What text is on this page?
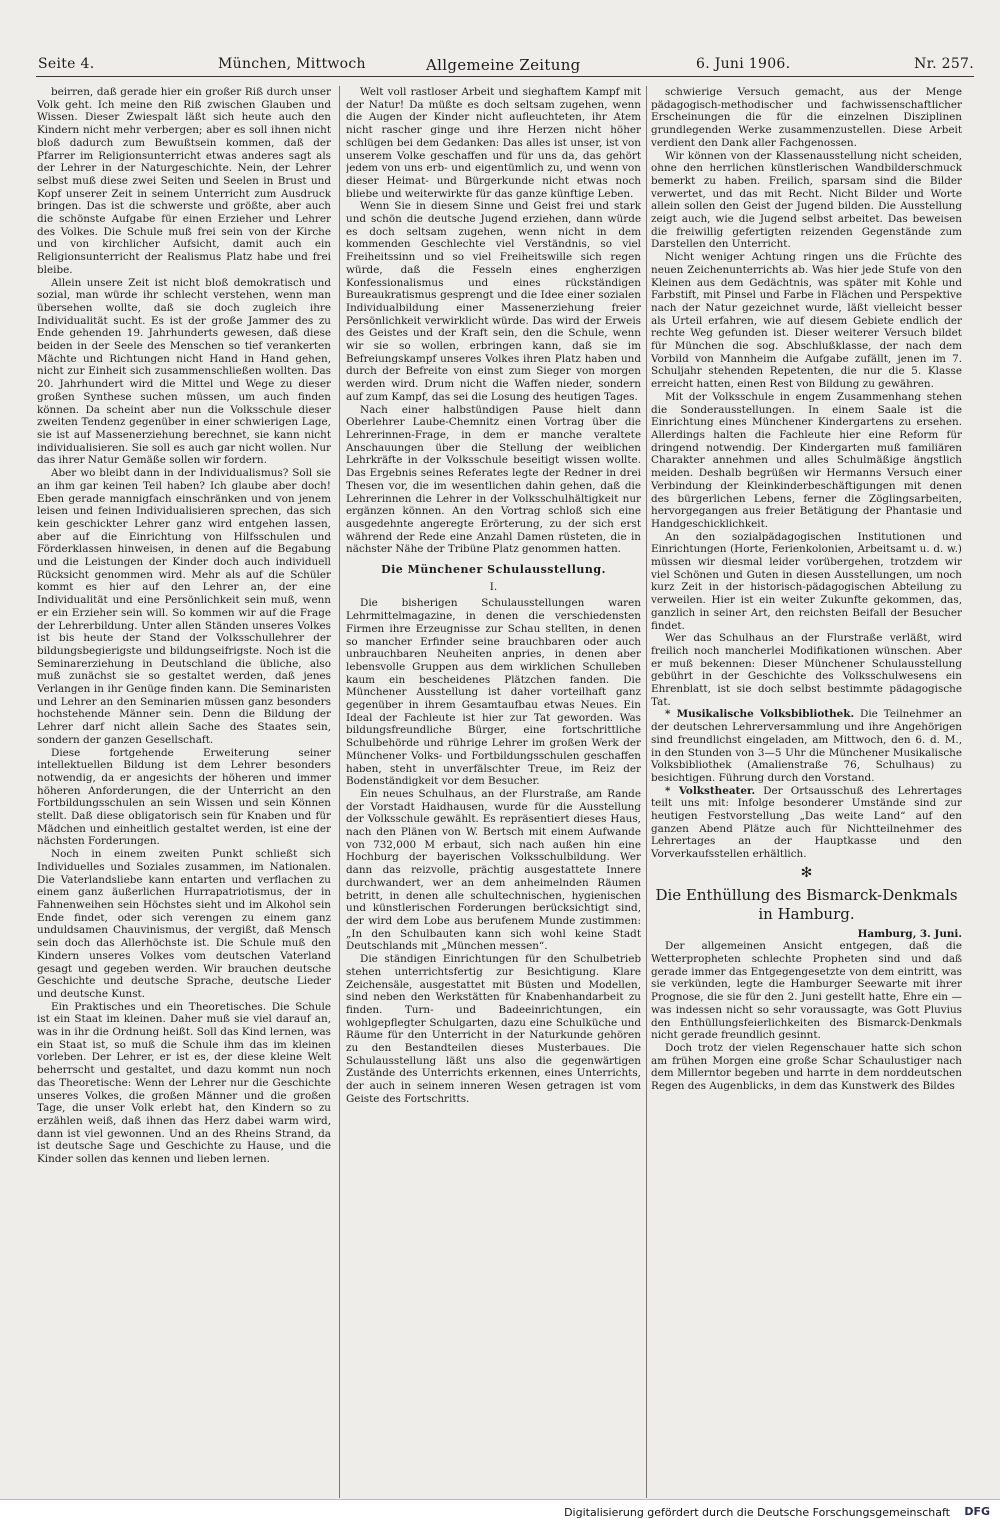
Seite 4.	München, Mittwoch	Allgemeine Zeitung	6. Juni 1906.	Nr. 257.

beirren, daß gerade hier ein großer Riß durch unser Volk geht. Ich meine den Riß zwischen Glauben und Wissen. Dieser Zwiespalt läßt sich heute auch den Kindern nicht mehr verbergen; aber es soll ihnen nicht bloß dadurch zum Bewußtsein kommen, daß der Pfarrer im Religionsunterricht etwas anderes sagt als der Lehrer in der Naturgeschichte. Nein, der Lehrer selbst muß diese zwei Seiten und Seelen in Brust und Kopf unserer Zeit in seinem Unterricht zum Ausdruck bringen. Das ist die schwerste und größte, aber auch die schönste Aufgabe für einen Erzieher und Lehrer des Volkes. Die Schule muß frei sein von der Kirche und von kirchlicher Aufsicht, damit auch ein Religionsunterricht der Realismus Platz habe und frei bleibe.

Allein unsere Zeit ist nicht bloß demokratisch und sozial, man würde ihr schlecht verstehen, wenn man übersehen wollte, daß sie doch zugleich ihre Individualität sucht. Es ist der große Jammer des zu Ende gehenden 19. Jahrhunderts gewesen, daß diese beiden in der Seele des Menschen so tief verankerten Mächte und Richtungen nicht Hand in Hand gehen, nicht zur Einheit sich zusammenschließen wollten. Das 20. Jahrhundert wird die Mittel und Wege zu dieser großen Synthese suchen müssen, um auch finden können. Da scheint aber nun die Volksschule dieser zweiten Tendenz gegenüber in einer schwierigen Lage, sie ist auf Massenerziehung berechnet, sie kann nicht individualisieren. Sie soll es auch gar nicht wollen. Nur das ihrer Natur Gemäße sollen wir fordern.

Aber wo bleibt dann in der Individualismus? Soll sie an ihm gar keinen Teil haben? Ich glaube aber doch! Eben gerade mannigfach einschränken und von jenem leisen und feinen Individualisieren sprechen, das sich kein geschickter Lehrer ganz wird entgehen lassen, aber auf die Einrichtung von Hilfsschulen und Förderklassen hinweisen, in denen auf die Begabung und die Leistungen der Kinder doch auch individuell Rücksicht genommen wird. Mehr als auf die Schüler kommt es hier auf den Lehrer an, der eine Individualität und eine Persönlichkeit sein muß, wenn er ein Erzieher sein will. So kommen wir auf die Frage der Lehrerbildung. Unter allen Ständen unseres Volkes ist bis heute der Stand der Volksschullehrer der bildungsbegierigste und bildungseifrigste. Noch ist die Seminarerziehung in Deutschland die übliche, also muß zunächst sie so gestaltet werden, daß jenes Verlangen in ihr Genüge finden kann. Die Seminaristen und Lehrer an den Seminarien müssen ganz besonders hochstehende Männer sein. Denn die Bildung der Lehrer darf nicht allein Sache des Staates sein, sondern der ganzen Gesellschaft.

Diese fortgehende Erweiterung seiner intellektuellen Bildung ist dem Lehrer besonders notwendig, da er angesichts der höheren und immer höheren Anforderungen, die der Unterricht an den Fortbildungsschulen an sein Wissen und sein Können stellt. Daß diese obligatorisch sein für Knaben und für Mädchen und einheitlich gestaltet werden, ist eine der nächsten Forderungen.

Noch in einem zweiten Punkt schließt sich Individuelles und Soziales zusammen, im Nationalen. Die Vaterlandsliebe kann entarten und verflachen zu einem ganz äußerlichen Hurrapatriotismus, der in Fahnenweihen sein Höchstes sieht und im Alkohol sein Ende findet, oder sich verengen zu einem ganz unduldsamen Chauvinismus, der vergißt, daß Mensch sein doch das Allerhöchste ist. Die Schule muß den Kindern unseres Volkes vom deutschen Vaterland gesagt und gegeben werden. Wir brauchen deutsche Geschichte und deutsche Sprache, deutsche Lieder und deutsche Kunst.

Ein Praktisches und ein Theoretisches. Die Schule ist ein Staat im kleinen. Daher muß sie viel darauf an, was in ihr die Ordnung heißt. Soll das Kind lernen, was ein Staat ist, so muß die Schule ihm das im kleinen vorleben. Der Lehrer, er ist es, der diese kleine Welt beherrscht und gestaltet, und dazu kommt nun noch das Theoretische: Wenn der Lehrer nur die Geschichte unseres Volkes, die großen Männer und die großen Tage, die unser Volk erlebt hat, den Kindern so zu erzählen weiß, daß ihnen das Herz dabei warm wird, dann ist viel gewonnen. Und an des Rheins Strand, da ist deutsche Sage und Geschichte zu Hause, und die Kinder sollen das kennen und lieben lernen.

Welt voll rastloser Arbeit und sieghaftem Kampf mit der Natur! Da müßte es doch seltsam zugehen, wenn die Augen der Kinder nicht aufleuchteten, ihr Atem nicht rascher ginge und ihre Herzen nicht höher schlügen bei dem Gedanken: Das alles ist unser, ist von unserem Volke geschaffen und für uns da, das gehört jedem von uns erb- und eigentümlich zu, und wenn von dieser Heimat- und Bürgerkunde nicht etwas noch bliebe und weiterwirkte für das ganze künftige Leben.

Wenn Sie in diesem Sinne und Geist frei und stark und schön die deutsche Jugend erziehen, dann würde es doch seltsam zugehen, wenn nicht in dem kommenden Geschlechte viel Verständnis, so viel Freiheitssinn und so viel Freiheitswille sich regen würde, daß die Fesseln eines engherzigen Konfessionalismus und eines rückständigen Bureaukratismus gesprengt und die Idee einer sozialen Individualbildung einer Massenerziehung freier Persönlichkeit verwirklicht würde. Das wird der Erweis des Geistes und der Kraft sein, den die Schule, wenn wir sie so wollen, erbringen kann, daß sie im Befreiungskampf unseres Volkes ihren Platz haben und durch der Befreite von einst zum Sieger von morgen werden wird. Drum nicht die Waffen nieder, sondern auf zum Kampf, das sei die Losung des heutigen Tages.

Nach einer halbstündigen Pause hielt dann Oberlehrer Laube-Chemnitz einen Vortrag über die Lehrerinnen-Frage, in dem er manche veraltete Anschauungen über die Stellung der weiblichen Lehrkräfte in der Volksschule beseitigt wissen wollte. Das Ergebnis seines Referates legte der Redner in drei Thesen vor, die im wesentlichen dahin gehen, daß die Lehrerinnen die Lehrer in der Volksschulhältigkeit nur ergänzen können. An den Vortrag schloß sich eine ausgedehnte angeregte Erörterung, zu der sich erst während der Rede eine Anzahl Damen rüsteten, die in nächster Nähe der Tribüne Platz genommen hatten.

Die Münchener Schulausstellung.
I.

Die bisherigen Schulausstellungen waren Lehrmittelmagazine, in denen die verschiedensten Firmen ihre Erzeugnisse zur Schau stellten, in denen so mancher Erfinder seine brauchbaren oder auch unbrauchbaren Neuheiten anpries, in denen aber lebensvolle Gruppen aus dem wirklichen Schulleben kaum ein bescheidenes Plätzchen fanden. Die Münchener Ausstellung ist daher vorteilhaft ganz gegenüber in ihrem Gesamtaufbau etwas Neues. Ein Ideal der Fachleute ist hier zur Tat geworden. Was bildungsfreundliche Bürger, eine fortschrittliche Schulbehörde und rührige Lehrer im großen Werk der Münchener Volks- und Fortbildungsschulen geschaffen haben, steht in unverfälschter Treue, im Reiz der Bodenständigkeit vor dem Besucher.

Ein neues Schulhaus, an der Flurstraße, am Rande der Vorstadt Haidhausen, wurde für die Ausstellung der Volksschule gewählt. Es repräsentiert dieses Haus, nach den Plänen von W. Bertsch mit einem Aufwande von 732,000 M erbaut, sich nach außen hin eine Hochburg der bayerischen Volksschulbildung. Wer dann das reizvolle, prächtig ausgestattete Innere durchwandert, wer an dem anheimelnden Räumen betritt, in denen alle schultechnischen, hygienischen und künstlerischen Forderungen berücksichtigt sind, der wird dem Lobe aus berufenem Munde zustimmen: „In den Schulbauten kann sich wohl keine Stadt Deutschlands mit „München messen“.

Die ständigen Einrichtungen für den Schulbetrieb stehen unterrichtsfertig zur Besichtigung. Klare Zeichensäle, ausgestattet mit Büsten und Modellen, sind neben den Werkstätten für Knabenhandarbeit zu finden. Turn- und Badeeinrichtungen, ein wohlgepflegter Schulgarten, dazu eine Schulküche und Räume für den Unterricht in der Naturkunde gehören zu den Bestandteilen dieses Musterbaues. Die Schulausstellung läßt uns also die gegenwärtigen Zustände des Unterrichts erkennen, eines Unterrichts, der auch in seinem inneren Wesen getragen ist vom Geiste des Fortschritts.

schwierige Versuch gemacht, aus der Menge pädagogisch-methodischer und fachwissenschaftlicher Erscheinungen die für die einzelnen Disziplinen grundlegenden Werke zusammenzustellen. Diese Arbeit verdient den Dank aller Fachgenossen.

Wir können von der Klassenausstellung nicht scheiden, ohne den herrlichen künstlerischen Wandbilderschmuck bemerkt zu haben. Freilich, sparsam sind die Bilder verwertet, und das mit Recht. Nicht Bilder und Worte allein sollen den Geist der Jugend bilden. Die Ausstellung zeigt auch, wie die Jugend selbst arbeitet. Das beweisen die freiwillig gefertigten reizenden Gegenstände zum Darstellen den Unterricht.

Nicht weniger Achtung ringen uns die Früchte des neuen Zeichenunterrichts ab. Was hier jede Stufe von den Kleinen aus dem Gedächtnis, was später mit Kohle und Farbstift, mit Pinsel und Farbe in Flächen und Perspektive nach der Natur gezeichnet wurde, läßt vielleicht besser als Urteil erfahren, wie auf diesem Gebiete endlich der rechte Weg gefunden ist. Dieser weiterer Versuch bildet für München die sog. Abschlußklasse, der nach dem Vorbild von Mannheim die Aufgabe zufällt, jenen im 7. Schuljahr stehenden Repetenten, die nur die 5. Klasse erreicht hatten, einen Rest von Bildung zu gewähren.

Mit der Volksschule in engem Zusammenhang stehen die Sonderausstellungen. In einem Saale ist die Einrichtung eines Münchener Kindergartens zu ersehen. Allerdings halten die Fachleute hier eine Reform für dringend notwendig. Der Kindergarten muß familiären Charakter annehmen und alles Schulmäßige ängstlich meiden. Deshalb begrüßen wir Hermanns Versuch einer Verbindung der Kleinkinderbeschäftigungen mit denen des bürgerlichen Lebens, ferner die Zöglingsarbeiten, hervorgegangen aus freier Betätigung der Phantasie und Handgeschicklichkeit.

An den sozialpädagogischen Institutionen und Einrichtungen (Horte, Ferienkolonien, Arbeitsamt u. d. w.) müssen wir diesmal leider vorübergehen, trotzdem wir viel Schönen und Guten in diesen Ausstellungen, um noch kurz Zeit in der historisch-pädagogischen Abteilung zu verweilen. Hier ist ein weiter Zukunfte gekommen, das, ganzlich in seiner Art, den reichsten Beifall der Besucher findet.

Wer das Schulhaus an der Flurstraße verläßt, wird freilich noch mancherlei Modifikationen wünschen. Aber er muß bekennen: Dieser Münchener Schulausstellung gebührt in der Geschichte des Volksschulwesens ein Ehrenblatt, ist sie doch selbst bestimmte pädagogische Tat.

* Musikalische Volksbibliothek. Die Teilnehmer an der deutschen Lehrerversammlung und ihre Angehörigen sind freundlichst eingeladen, am Mittwoch, den 6. d. M., in den Stunden von 3—5 Uhr die Münchener Musikalische Volksbibliothek (Amalienstraße 76, Schulhaus) zu besichtigen. Führung durch den Vorstand.

* Volkstheater. Der Ortsausschuß des Lehrertages teilt uns mit: Infolge besonderer Umstände sind zur heutigen Festvorstellung „Das weite Land“ auf den ganzen Abend Plätze auch für Nichtteilnehmer des Lehrertages an der Hauptkasse und den Vorverkaufsstellen erhältlich.

✻
Die Enthüllung des Bismarck-Denkmals in Hamburg.

Hamburg, 3. Juni.

Der allgemeinen Ansicht entgegen, daß die Wetterpropheten schlechte Propheten sind und daß gerade immer das Entgegengesetzte von dem eintritt, was sie verkünden, legte die Hamburger Seewarte mit ihrer Prognose, die sie für den 2. Juni gestellt hatte, Ehre ein — was indessen nicht so sehr voraussagte, was Gott Pluvius den Enthüllungsfeierlichkeiten des Bismarck-Denkmals nicht gerade freundlich gesinnt.

Doch trotz der vielen Regenschauer hatte sich schon am frühen Morgen eine große Schar Schaulustiger nach dem Millerntor begeben und harrte in dem norddeutschen Regen des Augenblicks, in dem das Kunstwerk des Bildes

Digitalisierung gefördert durch die Deutsche Forschungsgemeinschaft DFG
